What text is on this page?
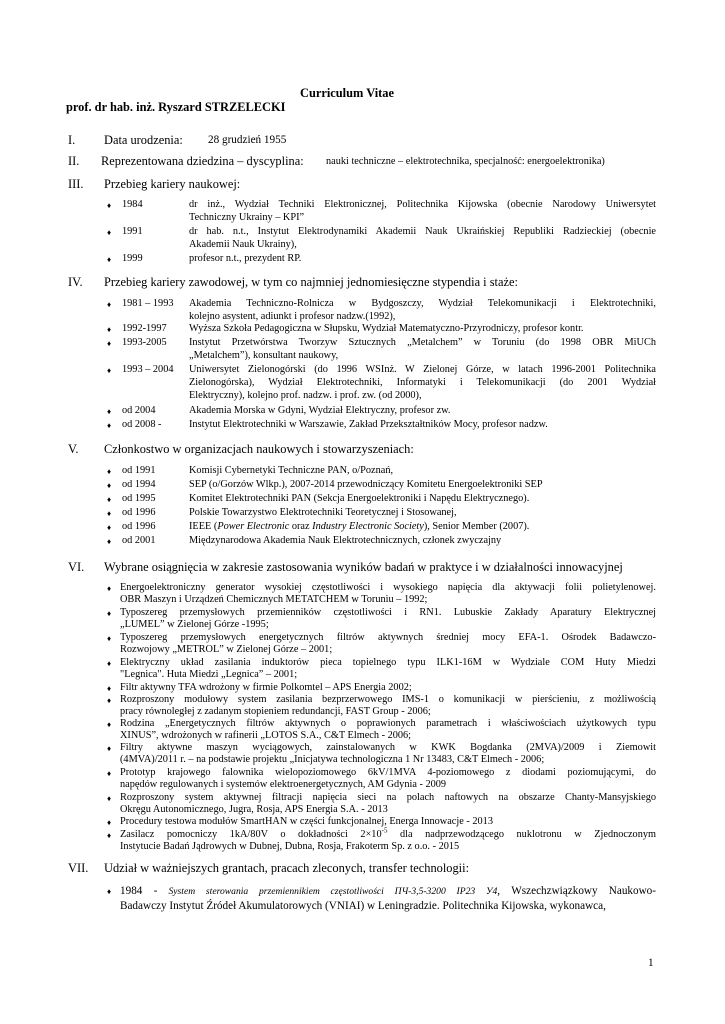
Curriculum Vitae
prof. dr hab. inż. Ryszard STRZELECKI
I. Data urodzenia: 28 grudzień 1955
II. Reprezentowana dziedzina – dyscyplina: nauki techniczne – elektrotechnika, specjalność: energoelektronika)
III. Przebieg kariery naukowej:
♦ 1984	dr inż., Wydział Techniki Elektronicznej, Politechnika Kijowska (obecnie Narodowy Uniwersytet
Techniczny Ukrainy – KPI”
♦ 1991	dr hab. n.t., Instytut Elektrodynamiki Akademii Nauk Ukraińskiej Republiki Radzieckiej (obecnie
Akademii Nauk Ukrainy),
♦ 1999	profesor n.t., prezydent RP.
IV. Przebieg kariery zawodowej, w tym co najmniej jednomiesięczne stypendia i staże:
♦ 1981 – 1993 Akademia Techniczno-Rolnicza w Bydgoszczy, Wydział Telekomunikacji i Elektrotechniki,
kolejno asystent, adiunkt i profesor nadzw.(1992),
♦ 1992-1997 Wyższa Szkoła Pedagogiczna w Słupsku, Wydział Matematyczno-Przyrodniczy, profesor kontr.
♦ 1993-2005 Instytut Przetwórstwa Tworzyw Sztucznych „Metalchem” w Toruniu (do 1998 OBR MiUCh
„Metalchem”), konsultant naukowy,
♦ 1993 – 2004 Uniwersytet Zielonogórski (do 1996 WSInż. W Zielonej Górze, w latach 1996-2001 Politechnika
Zielonogórska), Wydział Elektrotechniki, Informatyki i Telekomunikacji (do 2001 Wydział
Elektryczny), kolejno prof. nadzw. i prof. zw. (od 2000),
♦ od 2004	Akademia Morska w Gdyni, Wydział Elektryczny, profesor zw.
♦ od 2008 -	Instytut Elektrotechniki w Warszawie, Zakład Przekształtników Mocy, profesor nadzw.
V. Członkostwo w organizacjach naukowych i stowarzyszeniach:
♦ od 1991	Komisji Cybernetyki Techniczne PAN, o/Poznań,
♦ od 1994	SEP (o/Gorzów Wlkp.), 2007-2014 przewodniczący Komitetu Energoelektroniki SEP
♦ od 1995	Komitet Elektrotechniki PAN (Sekcja Energoelektroniki i Napędu Elektrycznego).
♦ od 1996	Polskie Towarzystwo Elektrotechniki Teoretycznej i Stosowanej,
♦ od 1996	IEEE (Power Electronic oraz Industry Electronic Society), Senior Member (2007).
♦ od 2001	Międzynarodowa Akademia Nauk Elektrotechnicznych, członek zwyczajny
VI. Wybrane osiągnięcia w zakresie zastosowania wyników badań w praktyce i w działalności innowacyjnej
♦ Energoelektroniczny generator wysokiej częstotliwości i wysokiego napięcia dla aktywacji folii polietylenowej.
OBR Maszyn i Urządzeń Chemicznych METATCHEM w Toruniu – 1992;
♦ Typoszereg przemysłowych przemienników częstotliwości i RN1. Lubuskie Zakłady Aparatury Elektrycznej
„LUMEL” w Zielonej Górze -1995;
♦ Typoszereg przemysłowych energetycznych filtrów aktywnych średniej mocy EFA-1. Ośrodek Badawczo-
Rozwojowy „METROL” w Zielonej Górze – 2001;
♦ Elektryczny układ zasilania induktorów pieca topielnego typu ILK1-16M w Wydziale COM Huty Miedzi
"Legnica". Huta Miedzi „Legnica” – 2001;
♦ Filtr aktywny TFA wdrożony w firmie Polkomtel – APS Energia 2002;
♦ Rozproszony modułowy system zasilania bezprzerwowego IMS-1 o komunikacji w pierścieniu, z możliwością
pracy równoległej z zadanym stopieniem redundancji, FAST Group - 2006;
♦ Rodzina „Energetycznych filtrów aktywnych o poprawionych parametrach i właściwościach użytkowych typu
XINUS”, wdrożonych w rafinerii „LOTOS S.A., C&T Elmech - 2006;
♦ Filtry aktywne maszyn wyciągowych, zainstalowanych w KWK Bogdanka (2MVA)/2009 i Ziemowit
(4MVA)/2011 r. – na podstawie projektu „Inicjatywa technologiczna 1 Nr 13483, C&T Elmech - 2006;
♦ Prototyp krajowego falownika wielopoziomowego 6kV/1MVA 4-poziomowego z diodami poziomującymi, do
napędów regulowanych i systemów elektroenergetycznych, AM Gdynia - 2009
♦ Rozproszony system aktywnej filtracji napięcia sieci na polach naftowych na obszarze Chanty-Mansyjskiego
Okręgu Autonomicznego, Jugra, Rosja, APS Energia S.A. - 2013
♦ Procedury testowa modułów SmartHAN w części funkcjonalnej, Energa Innowacje - 2013
♦ Zasilacz pomocniczy 1kA/80V o dokładności $2\times 10^{-5}$ dla nadprzewodzącego nuklotronu w Zjednoczonym
Instytucie Badań Jądrowych w Dubnej, Dubna, Rosja, Frakoterm Sp. z o.o. - 2015
VII. Udział w ważniejszych grantach, pracach zleconych, transfer technologii:
♦ 1984 - System sterowania przemiennikiem częstotliwości ПЧ-3,5-3200 IP23 У4, Wszechzwiązkowy Naukowo-
Badawczy Instytut Źródeł Akumulatorowych (VNIAI) w Leningradzie. Politechnika Kijowska, wykonawca,
1
